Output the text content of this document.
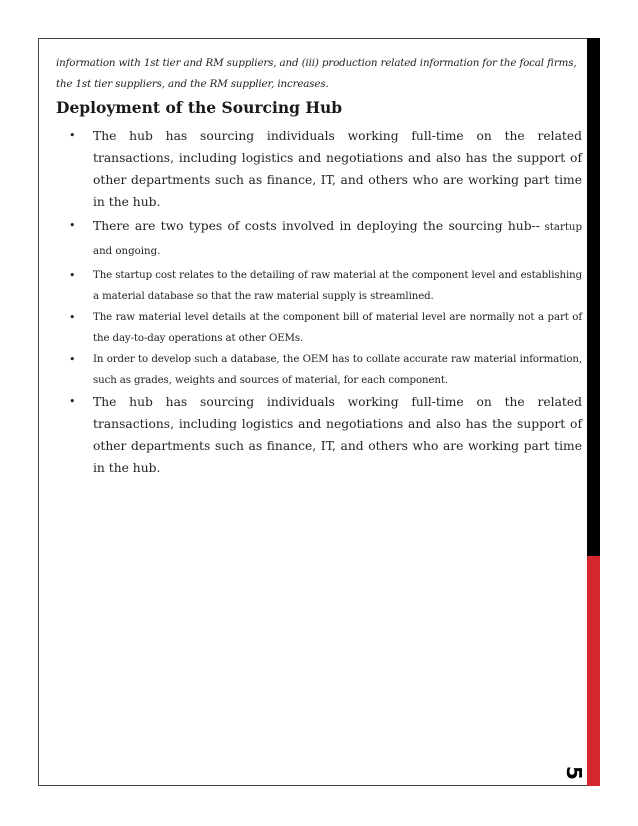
information with 1st tier and RM suppliers, and (iii) production related information for the focal firms, the 1st tier suppliers, and the RM supplier, increases.

Deployment of the Sourcing Hub
• The hub has sourcing individuals working full-time on the related transactions, including logistics and negotiations and also has the support of other departments such as finance, IT, and others who are working part time in the hub.
• There are two types of costs involved in deploying the sourcing hub-- startup and ongoing.
• The startup cost relates to the detailing of raw material at the component level and establishing a material database so that the raw material supply is streamlined.
• The raw material level details at the component bill of material level are normally not a part of the day-to-day operations at other OEMs.
• In order to develop such a database, the OEM has to collate accurate raw material information, such as grades, weights and sources of material, for each component.
• The hub has sourcing individuals working full-time on the related transactions, including logistics and negotiations and also has the support of other departments such as finance, IT, and others who are working part time in the hub.
5
